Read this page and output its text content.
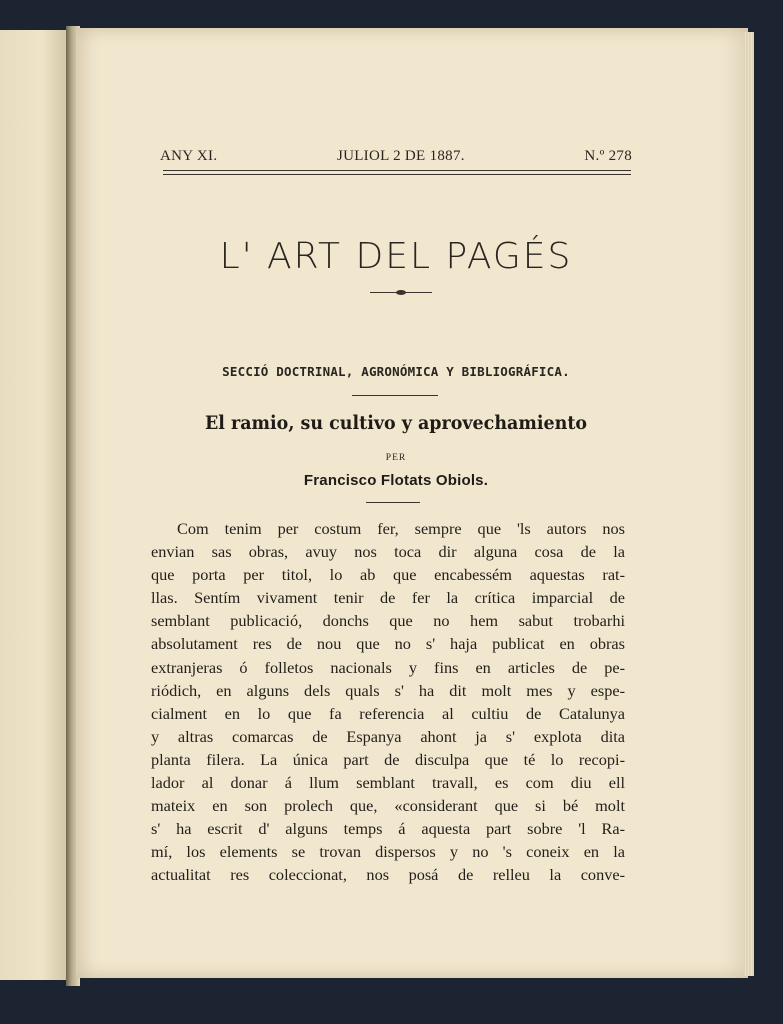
ANY XI.	JULIOL 2 DE 1887.	N.º 278
L' ART DEL PAGÉS
SECCIÓ DOCTRINAL, AGRONÓMICA Y BIBLIOGRÁFICA.
El ramio, su cultivo y aprovechamiento
PER
Francisco Flotats Obiols.
Com tenim per costum fer, sempre que 'ls autors nos
envian sas obras, avuy nos toca dir alguna cosa de la
que porta per titol, lo ab que encabessém aquestas rat-
llas. Sentím vivament tenir de fer la crítica imparcial de
semblant publicació, donchs que no hem sabut trobarhi
absolutament res de nou que no s' haja publicat en obras
extranjeras ó folletos nacionals y fins en articles de pe-
riódich, en alguns dels quals s' ha dit molt mes y espe-
cialment en lo que fa referencia al cultiu de Catalunya
y altras comarcas de Espanya ahont ja s' explota dita
planta filera. La única part de disculpa que té lo recopi-
lador al donar á llum semblant travall, es com diu ell
mateix en son prolech que, «considerant que si bé molt
s' ha escrit d' alguns temps á aquesta part sobre 'l Ra-
mí, los elements se trovan dispersos y no 's coneix en la
actualitat res coleccionat, nos posá de relleu la conve-
